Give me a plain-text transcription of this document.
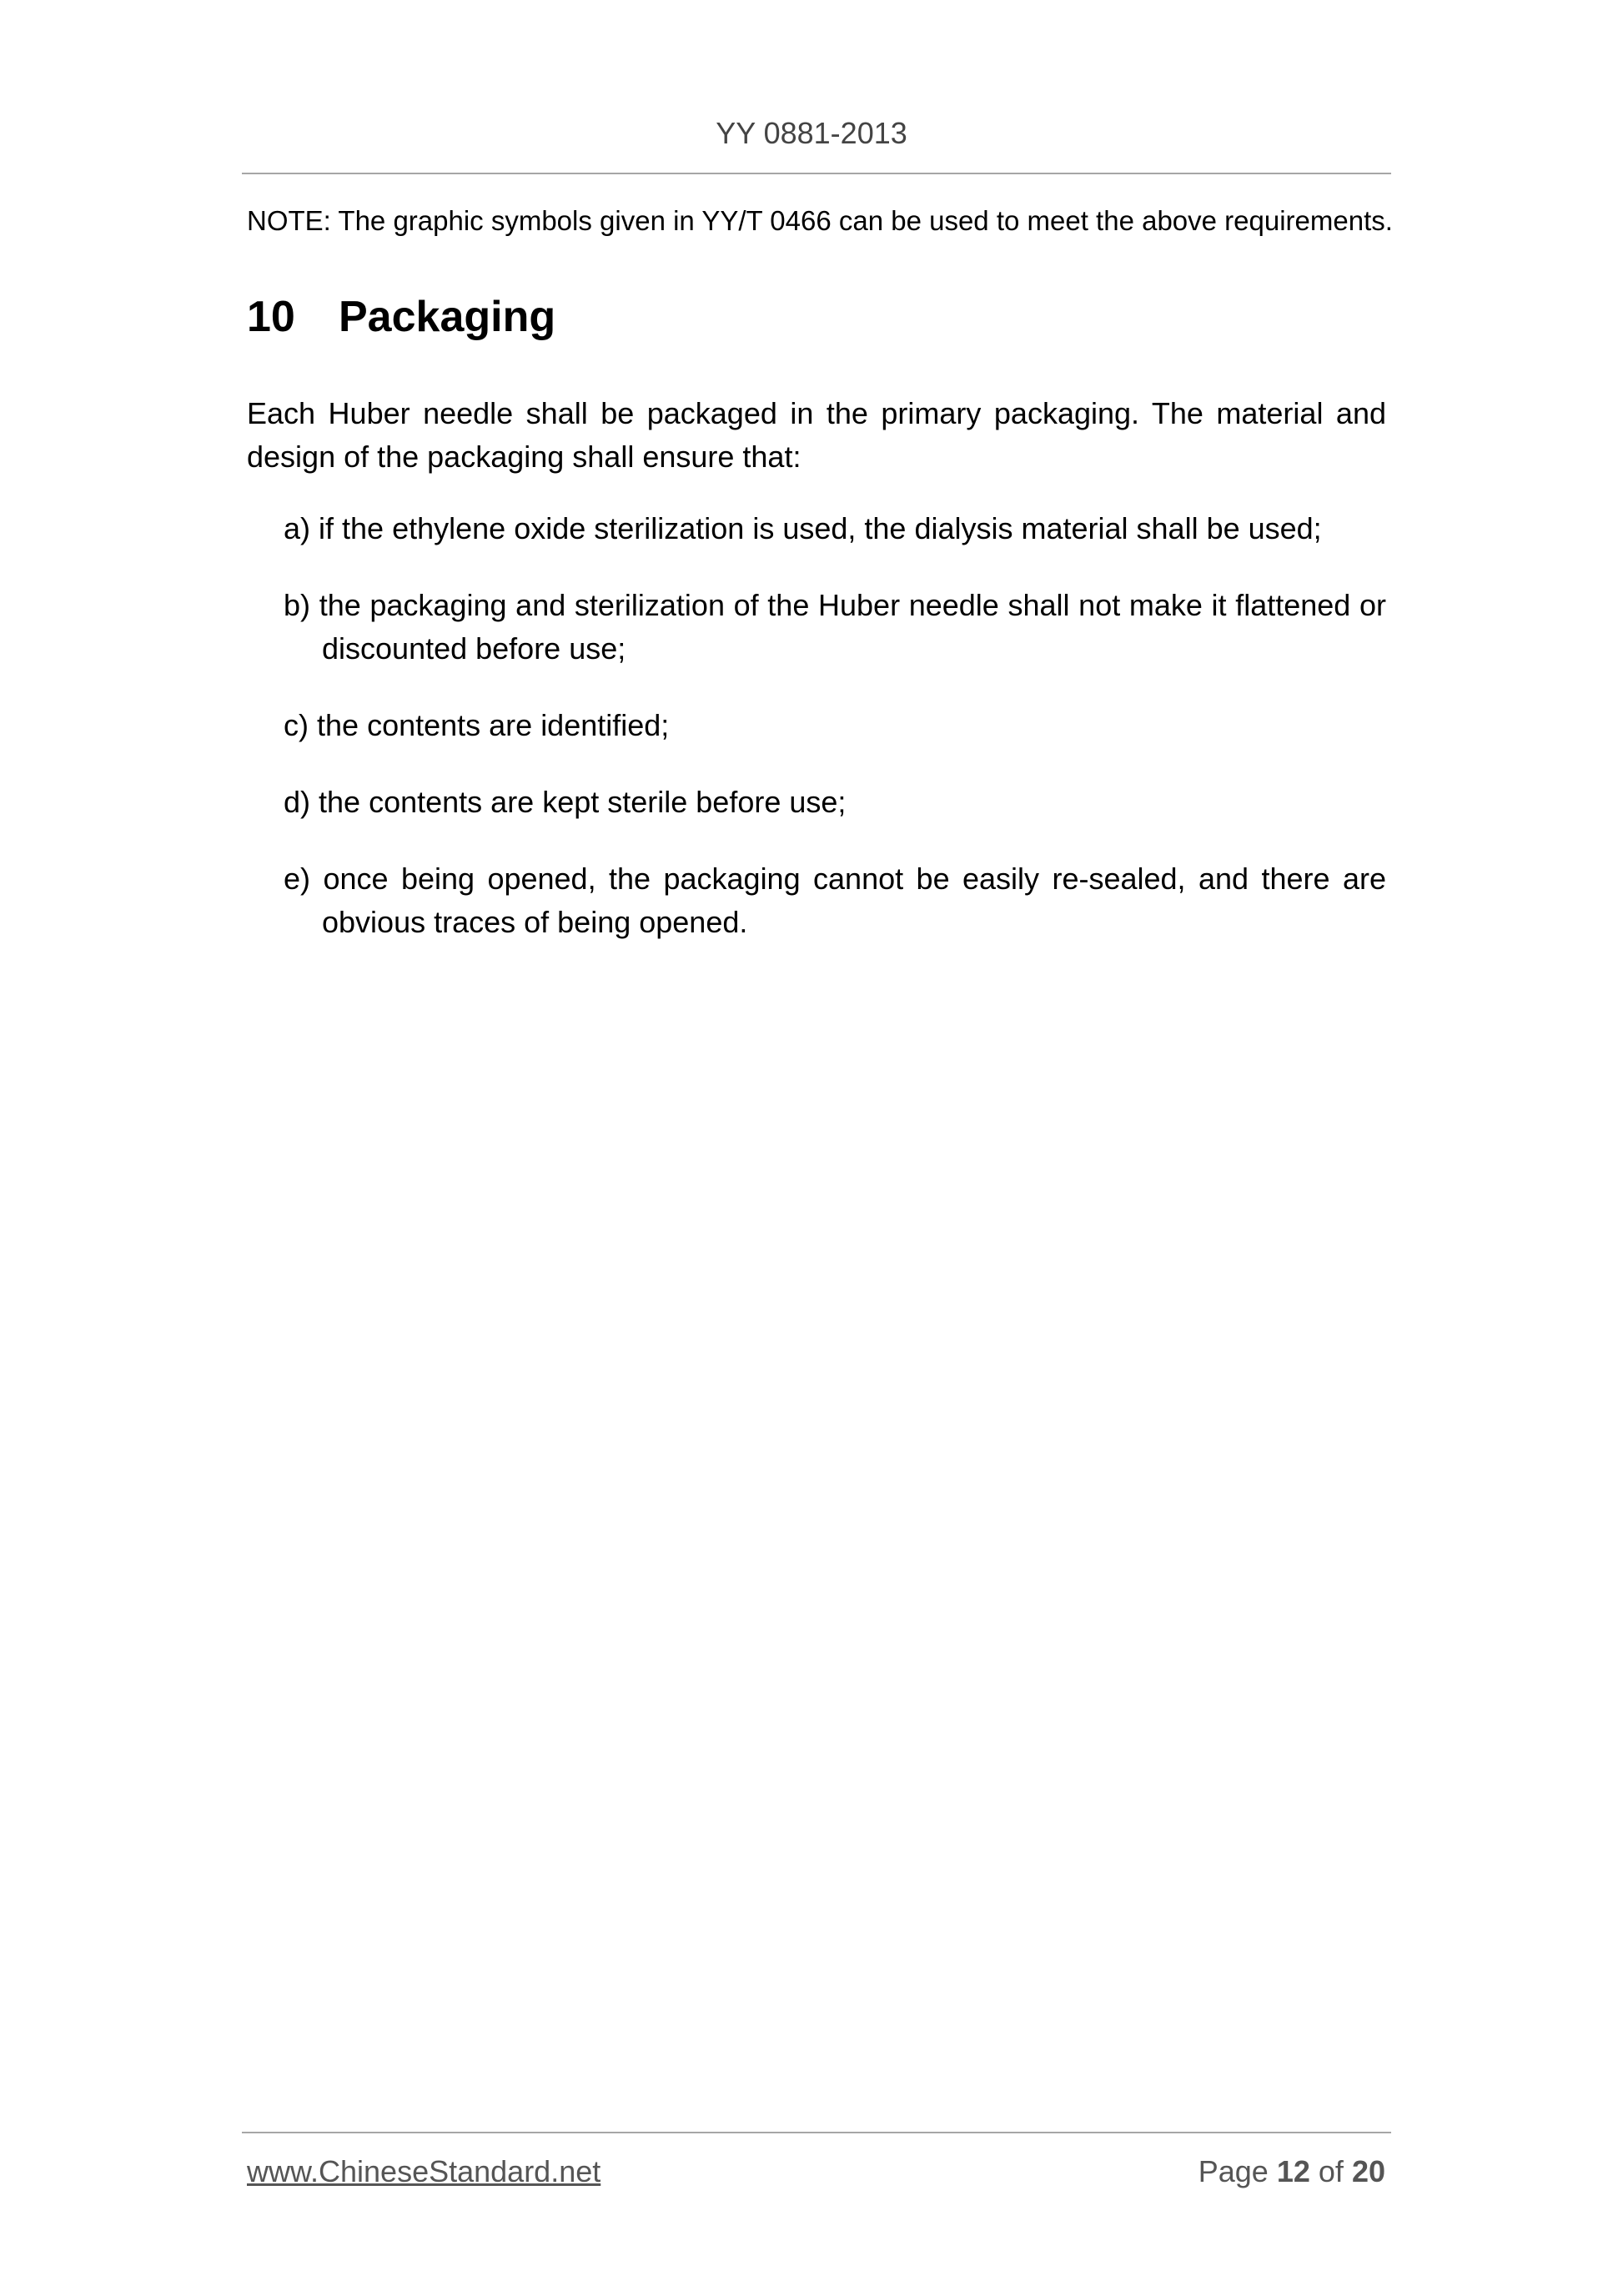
YY 0881-2013
NOTE: The graphic symbols given in YY/T 0466 can be used to meet the above requirements.
10 Packaging
Each Huber needle shall be packaged in the primary packaging. The material and design of the packaging shall ensure that:
a) if the ethylene oxide sterilization is used, the dialysis material shall be used;
b) the packaging and sterilization of the Huber needle shall not make it flattened or discounted before use;
c) the contents are identified;
d) the contents are kept sterile before use;
e) once being opened, the packaging cannot be easily re-sealed, and there are obvious traces of being opened.
www.ChineseStandard.net	Page 12 of 20
